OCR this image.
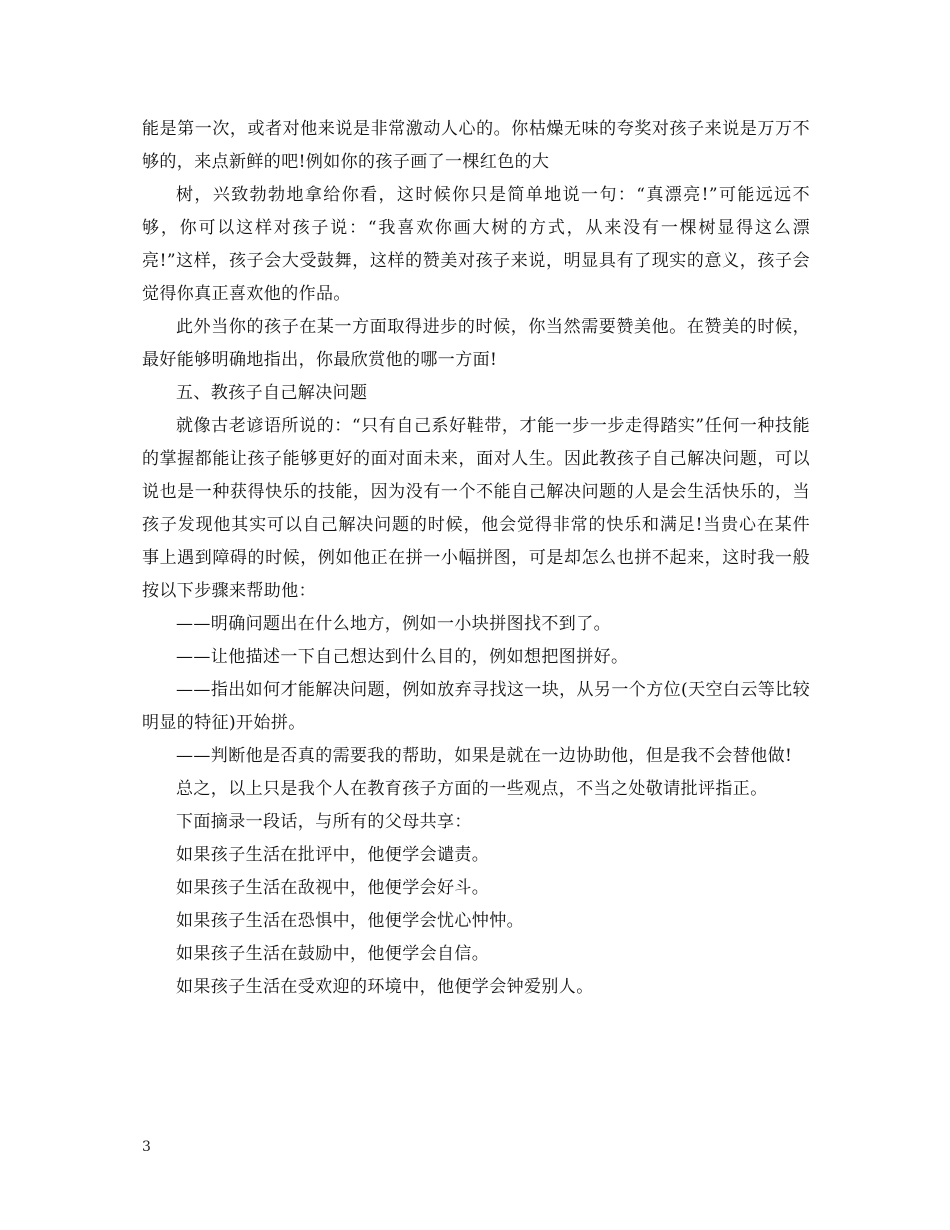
能是第一次，或者对他来说是非常激动人心的。你枯燥无味的夸奖对孩子来说是万万不够的，来点新鲜的吧!例如你的孩子画了一棵红色的大

树，兴致勃勃地拿给你看，这时候你只是简单地说一句：“真漂亮!”可能远远不够，你可以这样对孩子说：“我喜欢你画大树的方式，从来没有一棵树显得这么漂亮!”这样，孩子会大受鼓舞，这样的赞美对孩子来说，明显具有了现实的意义，孩子会觉得你真正喜欢他的作品。

此外当你的孩子在某一方面取得进步的时候，你当然需要赞美他。在赞美的时候，最好能够明确地指出，你最欣赏他的哪一方面!

五、教孩子自己解决问题

就像古老谚语所说的：“只有自己系好鞋带，才能一步一步走得踏实”任何一种技能的掌握都能让孩子能够更好的面对面未来，面对人生。因此教孩子自己解决问题，可以说也是一种获得快乐的技能，因为没有一个不能自己解决问题的人是会生活快乐的，当孩子发现他其实可以自己解决问题的时候，他会觉得非常的快乐和满足!当贵心在某件事上遇到障碍的时候，例如他正在拼一小幅拼图，可是却怎么也拼不起来，这时我一般按以下步骤来帮助他：

——明确问题出在什么地方，例如一小块拼图找不到了。

——让他描述一下自己想达到什么目的，例如想把图拼好。

——指出如何才能解决问题，例如放弃寻找这一块，从另一个方位(天空白云等比较明显的特征)开始拼。

——判断他是否真的需要我的帮助，如果是就在一边协助他，但是我不会替他做!

总之，以上只是我个人在教育孩子方面的一些观点，不当之处敬请批评指正。

下面摘录一段话，与所有的父母共享：

如果孩子生活在批评中，他便学会谴责。

如果孩子生活在敌视中，他便学会好斗。

如果孩子生活在恐惧中，他便学会忧心忡忡。

如果孩子生活在鼓励中，他便学会自信。

如果孩子生活在受欢迎的环境中，他便学会钟爱别人。

3
